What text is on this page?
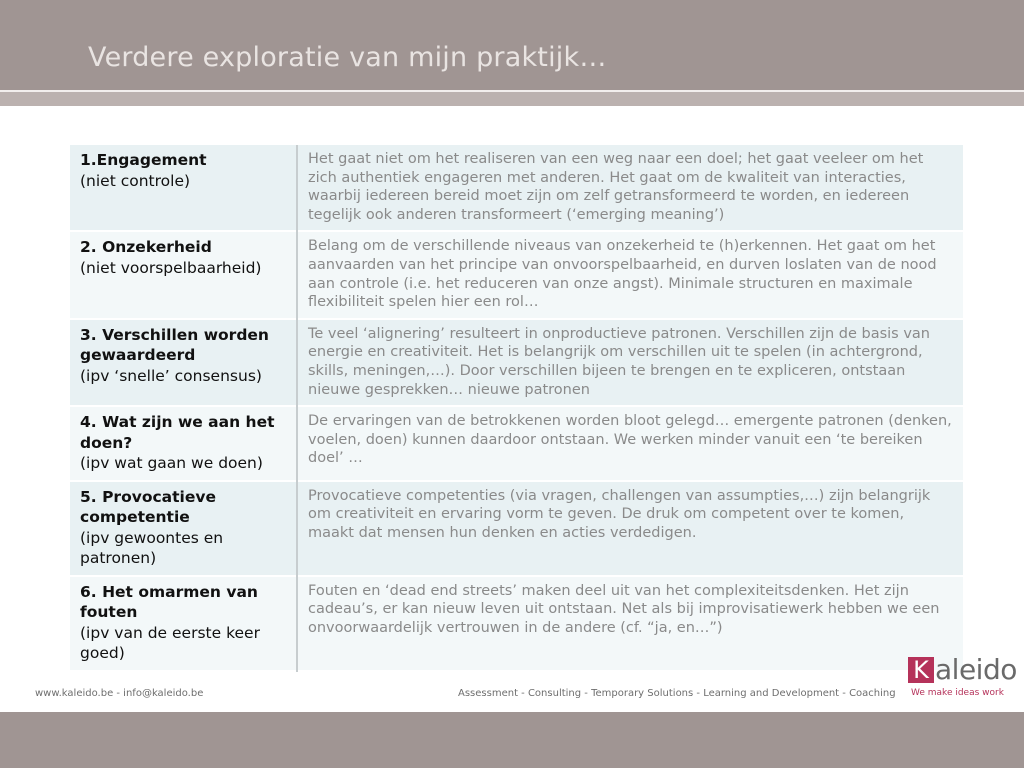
Verdere exploratie van mijn praktijk…
1.Engagement
(niet controle)	Het gaat niet om het realiseren van een weg naar een doel; het gaat veeleer om het zich authentiek engageren met anderen. Het gaat om de kwaliteit van interacties, waarbij iedereen bereid moet zijn om zelf getransformeerd te worden, en iedereen tegelijk ook anderen transformeert (‘emerging meaning’)

2. Onzekerheid
(niet voorspelbaarheid)	Belang om de verschillende niveaus van onzekerheid te (h)erkennen. Het gaat om het aanvaarden van het principe van onvoorspelbaarheid, en durven loslaten van de nood aan controle (i.e. het reduceren van onze angst). Minimale structuren en maximale flexibiliteit spelen hier een rol…

3. Verschillen worden gewaardeerd
(ipv ‘snelle’ consensus)	Te veel ‘alignering’ resulteert in onproductieve patronen. Verschillen zijn de basis van energie en creativiteit. Het is belangrijk om verschillen uit te spelen (in achtergrond, skills, meningen,…). Door verschillen bijeen te brengen en te expliceren, ontstaan nieuwe gesprekken… nieuwe patronen

4. Wat zijn we aan het doen?
(ipv wat gaan we doen)	De ervaringen van de betrokkenen worden bloot gelegd… emergente patronen (denken, voelen, doen) kunnen daardoor ontstaan. We werken minder vanuit een ‘te bereiken doel’ …

5. Provocatieve competentie
(ipv gewoontes en patronen)	Provocatieve competenties (via vragen, challengen van assumpties,…) zijn belangrijk om creativiteit en ervaring vorm te geven. De druk om competent over te komen, maakt dat mensen hun denken en acties verdedigen.

6. Het omarmen van fouten
(ipv van de eerste keer goed)	Fouten en ‘dead end streets’ maken deel uit van het complexiteitsdenken. Het zijn cadeau’s, er kan nieuw leven uit ontstaan. Net als bij improvisatiewerk hebben we een onvoorwaardelijk vertrouwen in de andere (cf. “ja, en…”)
www.kaleido.be - info@kaleido.be	Assessment - Consulting - Temporary Solutions - Learning and Development - Coaching
K aleido
We make ideas work
